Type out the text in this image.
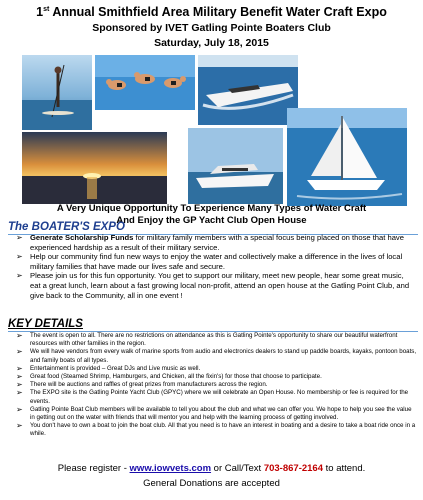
1st Annual Smithfield Area Military Benefit Water Craft Expo
Sponsored by IVET Gatling Pointe Boaters Club
Saturday, July 18, 2015
A Very Unique Opportunity To Experience Many Types of Water Craft
And Enjoy the GP Yacht Club Open House
The BOATER'S EXPO
➢ Generate Scholarship Funds for military family members with a special focus being placed on those that have experienced hardship as a result of their military service.
➢ Help our community find fun new ways to enjoy the water and collectively make a difference in the lives of local military families that have made our lives safe and secure.
➢ Please join us for this fun opportunity. You get to support our military, meet new people, hear some great music, eat a great lunch, learn about a fast growing local non-profit, attend an open house at the Gatling Point Club, and give back to the Community, all in one event !
KEY DETAILS
➢ The event is open to all. There are no restrictions on attendance as this is Gatling Pointe's opportunity to share our beautiful waterfront resources with other families in the region.
➢ We will have vendors from every walk of marine sports from audio and electronics dealers to stand up paddle boards, kayaks, pontoon boats, and family boats of all types.
➢ Entertainment is provided – Great DJs and Live music as well.
➢ Great food (Steamed Shrimp, Hamburgers, and Chicken, all the fixin's) for those that choose to participate.
➢ There will be auctions and raffles of great prizes from manufacturers across the region.
➢ The EXPO site is the Gatling Pointe Yacht Club (GPYC) where we will celebrate an Open House. No membership or fee is required for the events.
➢ Gatling Pointe Boat Club members will be available to tell you about the club and what we can offer you. We hope to help you see the value in getting out on the water with friends that will mentor you and help with the learning process of getting involved.
➢ You don't have to own a boat to join the boat club. All that you need is to have an interest in boating and a desire to take a boat ride once in a while.
Please register - www.iowvets.com or Call/Text 703-867-2164 to attend.
General Donations are accepted
